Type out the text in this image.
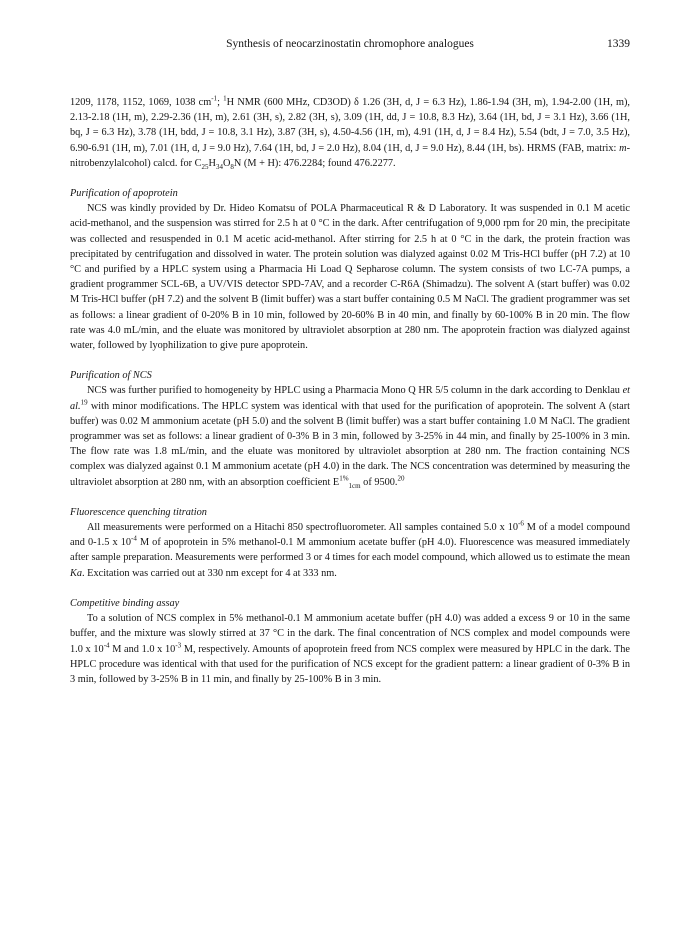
Synthesis of neocarzinostatin chromophore analogues	1339

1209, 1178, 1152, 1069, 1038 $cm^{-1}$; $^1$H NMR (600 MHz, CD3OD) δ 1.26 (3H, d, J = 6.3 Hz), 1.86-1.94 (3H, m), 1.94-2.00 (1H, m), 2.13-2.18 (1H, m), 2.29-2.36 (1H, m), 2.61 (3H, s), 2.82 (3H, s), 3.09 (1H, dd, J = 10.8, 8.3 Hz), 3.64 (1H, bd, J = 3.1 Hz), 3.66 (1H, bq, J = 6.3 Hz), 3.78 (1H, bdd, J = 10.8, 3.1 Hz), 3.87 (3H, s), 4.50-4.56 (1H, m), 4.91 (1H, d, J = 8.4 Hz), 5.54 (bdt, J = 7.0, 3.5 Hz), 6.90-6.91 (1H, m), 7.01 (1H, d, J = 9.0 Hz), 7.64 (1H, bd, J = 2.0 Hz), 8.04 (1H, d, J = 9.0 Hz), 8.44 (1H, bs). HRMS (FAB, matrix: m-nitrobenzylalcohol) calcd. for $C_{25}H_{34}O_8N$ (M + H): 476.2284; found 476.2277.

Purification of apoprotein

NCS was kindly provided by Dr. Hideo Komatsu of POLA Pharmaceutical R & D Laboratory. It was suspended in 0.1 M acetic acid-methanol, and the suspension was stirred for 2.5 h at 0 °C in the dark. After centrifugation of 9,000 rpm for 20 min, the precipitate was collected and resuspended in 0.1 M acetic acid-methanol. After stirring for 2.5 h at 0 °C in the dark, the protein fraction was precipitated by centrifugation and dissolved in water. The protein solution was dialyzed against 0.02 M Tris-HCl buffer (pH 7.2) at 10 °C and purified by a HPLC system using a Pharmacia Hi Load Q Sepharose column. The system consists of two LC-7A pumps, a gradient programmer SCL-6B, a UV/VIS detector SPD-7AV, and a recorder C-R6A (Shimadzu). The solvent A (start buffer) was 0.02 M Tris-HCl buffer (pH 7.2) and the solvent B (limit buffer) was a start buffer containing 0.5 M NaCl. The gradient programmer was set as follows: a linear gradient of 0-20% B in 10 min, followed by 20-60% B in 40 min, and finally by 60-100% B in 20 min. The flow rate was 4.0 mL/min, and the eluate was monitored by ultraviolet absorption at 280 nm. The apoprotein fraction was dialyzed against water, followed by lyophilization to give pure apoprotein.

Purification of NCS

NCS was further purified to homogeneity by HPLC using a Pharmacia Mono Q HR 5/5 column in the dark according to Denklau et al.$^{19}$ with minor modifications. The HPLC system was identical with that used for the purification of apoprotein. The solvent A (start buffer) was 0.02 M ammonium acetate (pH 5.0) and the solvent B (limit buffer) was a start buffer containing 1.0 M NaCl. The gradient programmer was set as follows: a linear gradient of 0-3% B in 3 min, followed by 3-25% in 44 min, and finally by 25-100% in 3 min. The flow rate was 1.8 mL/min, and the eluate was monitored by ultraviolet absorption at 280 nm. The fraction containing NCS complex was dialyzed against 0.1 M ammonium acetate (pH 4.0) in the dark. The NCS concentration was determined by measuring the ultraviolet absorption at 280 nm, with an absorption coefficient $E^{1\%}_{1cm}$ of 9500.20

Fluorescence quenching titration

All measurements were performed on a Hitachi 850 spectrofluorometer. All samples contained 5.0 x $10^{-6}$ M of a model compound and 0-1.5 x $10^{-4}$ M of apoprotein in 5% methanol-0.1 M ammonium acetate buffer (pH 4.0). Fluorescence was measured immediately after sample preparation. Measurements were performed 3 or 4 times for each model compound, which allowed us to estimate the mean Ka. Excitation was carried out at 330 nm except for 4 at 333 nm.

Competitive binding assay

To a solution of NCS complex in 5% methanol-0.1 M ammonium acetate buffer (pH 4.0) was added a excess 9 or 10 in the same buffer, and the mixture was slowly stirred at 37 °C in the dark. The final concentration of NCS complex and model compounds were 1.0 x $10^{-4}$ M and 1.0 x $10^{-3}$ M, respectively. Amounts of apoprotein freed from NCS complex were measured by HPLC in the dark. The HPLC procedure was identical with that used for the purification of NCS except for the gradient pattern: a linear gradient of 0-3% B in 3 min, followed by 3-25% B in 11 min, and finally by 25-100% B in 3 min.
